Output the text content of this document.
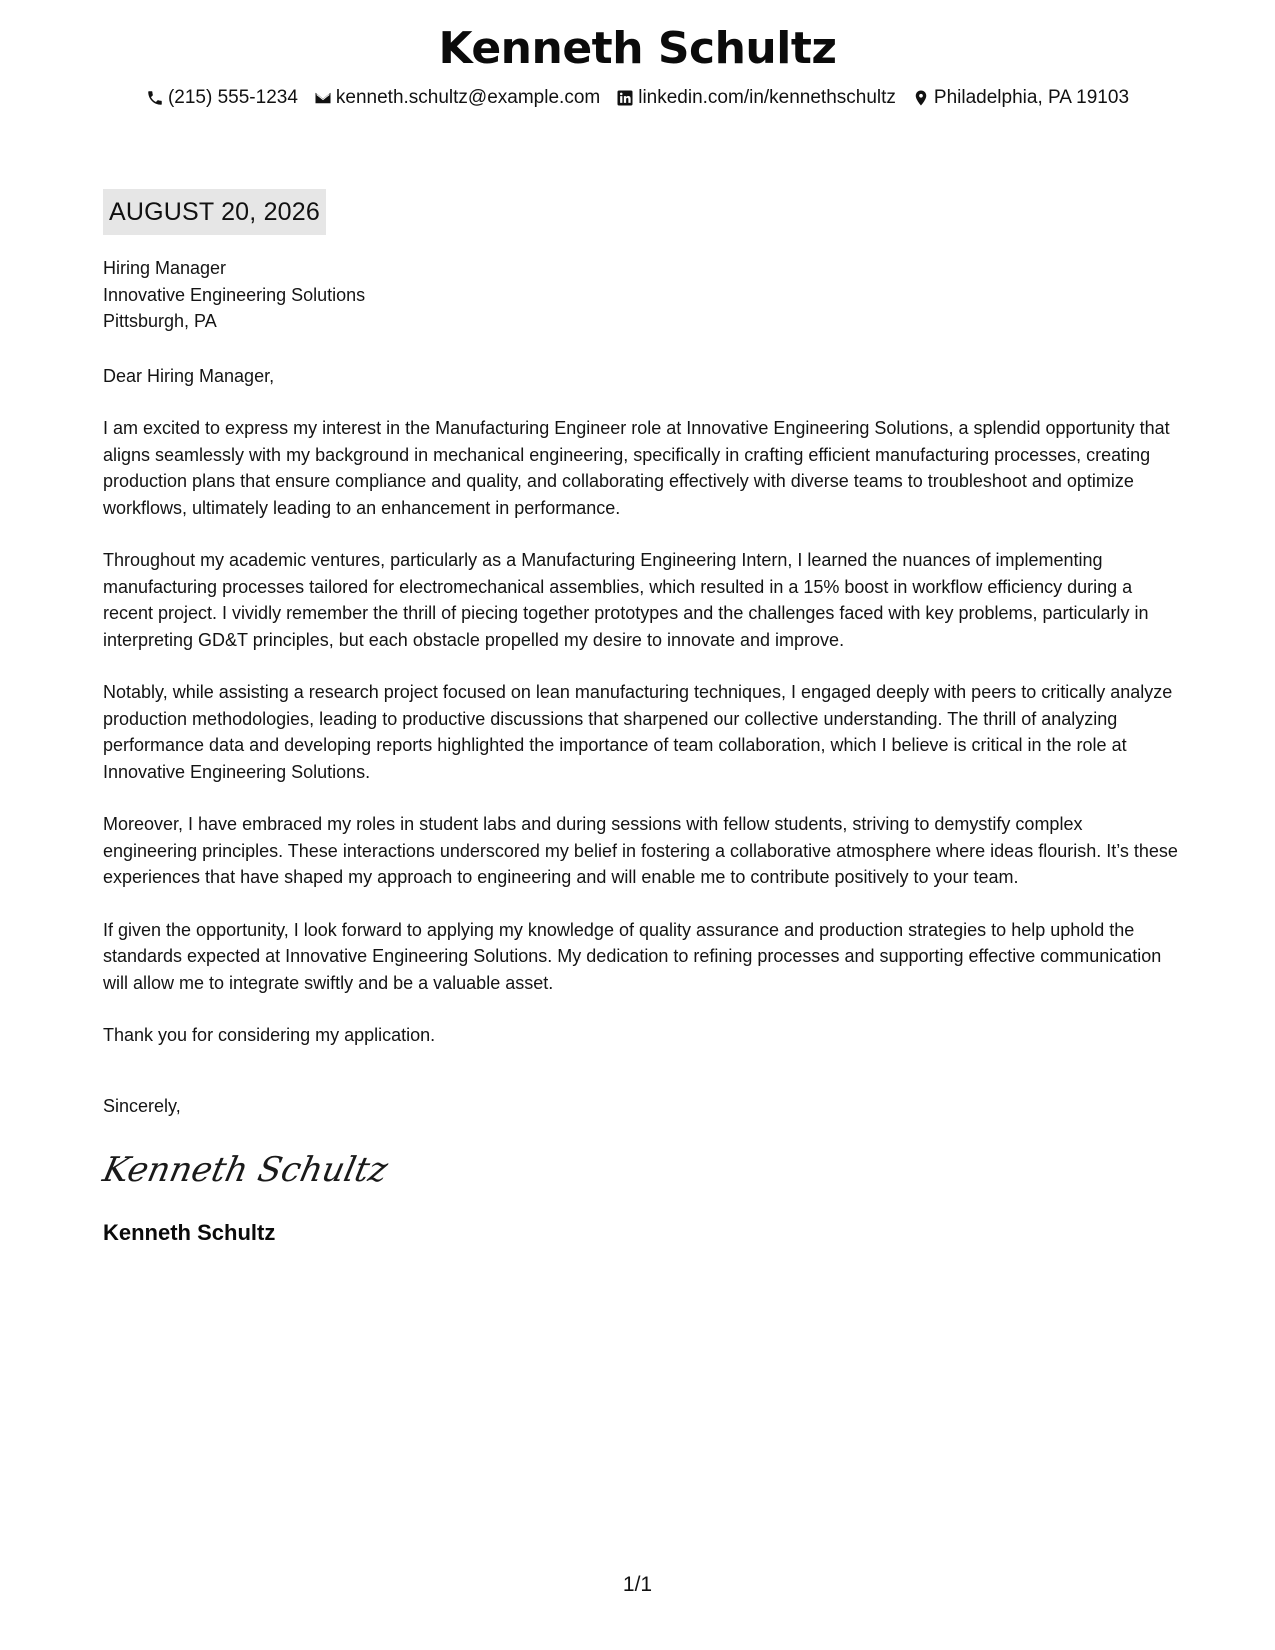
Kenneth Schultz
(215) 555-1234 kenneth.schultz@example.com linkedin.com/in/kennethschultz Philadelphia, PA 19103
AUGUST 20, 2026

Hiring Manager
Innovative Engineering Solutions
Pittsburgh, PA

Dear Hiring Manager,

I am excited to express my interest in the Manufacturing Engineer role at Innovative Engineering Solutions, a splendid opportunity that aligns seamlessly with my background in mechanical engineering, specifically in crafting efficient manufacturing processes, creating production plans that ensure compliance and quality, and collaborating effectively with diverse teams to troubleshoot and optimize workflows, ultimately leading to an enhancement in performance.

Throughout my academic ventures, particularly as a Manufacturing Engineering Intern, I learned the nuances of implementing manufacturing processes tailored for electromechanical assemblies, which resulted in a 15% boost in workflow efficiency during a recent project. I vividly remember the thrill of piecing together prototypes and the challenges faced with key problems, particularly in interpreting GD&T principles, but each obstacle propelled my desire to innovate and improve.

Notably, while assisting a research project focused on lean manufacturing techniques, I engaged deeply with peers to critically analyze production methodologies, leading to productive discussions that sharpened our collective understanding. The thrill of analyzing performance data and developing reports highlighted the importance of team collaboration, which I believe is critical in the role at Innovative Engineering Solutions.

Moreover, I have embraced my roles in student labs and during sessions with fellow students, striving to demystify complex engineering principles. These interactions underscored my belief in fostering a collaborative atmosphere where ideas flourish. It’s these experiences that have shaped my approach to engineering and will enable me to contribute positively to your team.

If given the opportunity, I look forward to applying my knowledge of quality assurance and production strategies to help uphold the standards expected at Innovative Engineering Solutions. My dedication to refining processes and supporting effective communication will allow me to integrate swiftly and be a valuable asset.

Thank you for considering my application.

Sincerely,

Kenneth Schultz

Kenneth Schultz

1/1
